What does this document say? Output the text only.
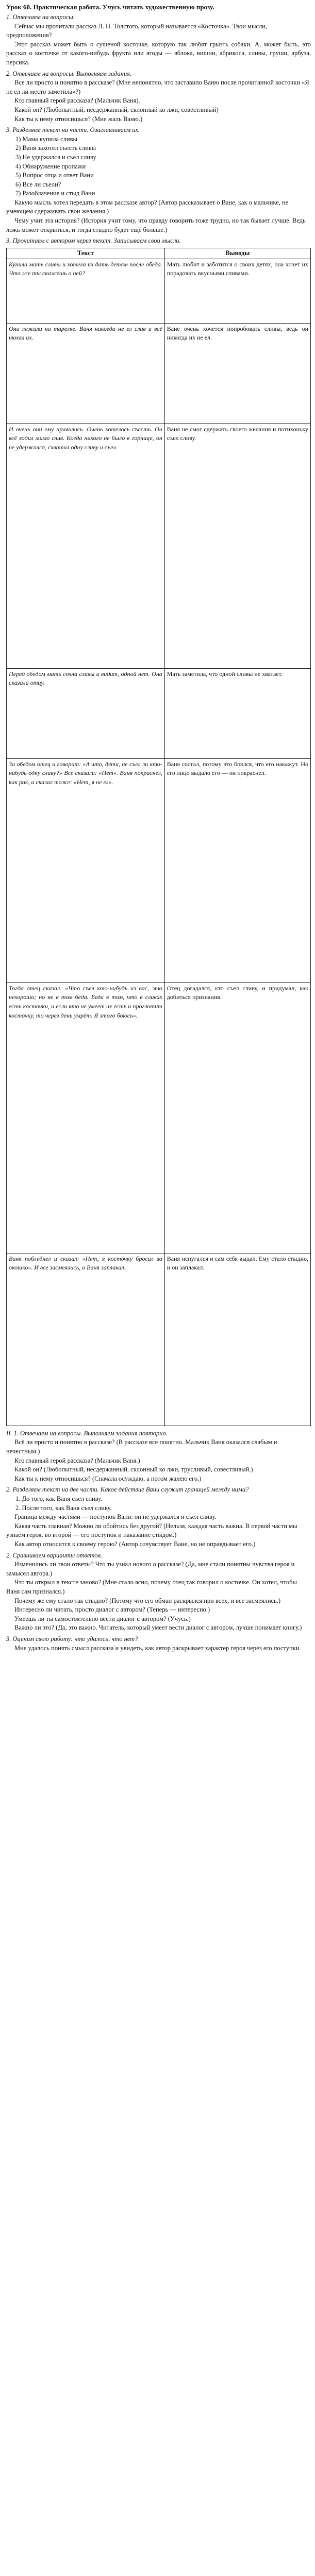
Урок 60. Практическая работа. Учусь читать художественную прозу.

1. Отвечаем на вопросы.

Сейчас мы прочитали рассказ Л. Н. Толстого, который называется «Косточка». Твои мысли, предположения?

Этот рассказ может быть о сушеной косточке, которую так любят грызть собаки. А, может быть, это рассказ о косточке от какого-нибудь фрукта или ягоды — яблока, вишни, абрикоса, сливы, груши, арбуза, персика.

2. Отвечаем на вопросы. Выполняем задания.

Все ли просто и понятно в рассказе? (Мне непонятно, что заставило Ваню после прочитанной косточки «Я не ел ли место заметила»?)

Кто главный герой рассказа? (Мальчик Ваня).

Какой он? (Любопытный, несдержанный, склонный ко лжи, совестливый)

Как ты к нему относишься? (Мне жаль Ваню.)

3. Разделяем текст на части. Озаглавливаем их.

1) Мама купила сливы

2) Ваня захотел съесть сливы

3) Не удержался и съел сливу

4) Обнаружение пропажи

5) Вопрос отца и ответ Вани

6) Все ли съели?

7) Разоблачение и стыд Вани

Какую мысль хотел передать в этом рассказе автор? (Автор рассказывает о Ване, как о мальчике, не умеющем сдерживать свои желания.)

Чему учит эта история? (История учит тому, что правду говорить тоже трудно, но так бывает лучше. Ведь ложь может открыться, и тогда стыдно будет ещё больше.)

3. Прочитаем с автором через текст. Записываем свои мысли.

Текст	Выводы
Купила мать сливы и хотела их дать детям после обеда. Что же ты скажешь о ней?	Мать любит и заботится о своих детях, она хочет их порадовать вкусными сливами.
Они лежали на тарелке. Ваня никогда не ел слив и всё нюхал их.	Ване очень хочется попробовать сливы, ведь он никогда их не ел.
И очень они ему нравились. Очень хотелось съесть. Он всё ходил мимо слив. Когда никого не было в горнице, он не удержался, схватил одну сливу и съел.	Ваня не смог сдержать своего желания и потихоньку съел сливу.
Перед обедом мать сочла сливы и видит, одной нет. Она сказала отцу.	Мать заметила, что одной сливы не хватает.
За обедом отец и говорит: «А что, дети, не съел ли кто-нибудь одну сливу?» Все сказали: «Нет». Ваня покраснел, как рак, и сказал тоже: «Нет, я не ел».	Ваня солгал, потому что боялся, что его накажут. Но его лицо выдало его — он покраснел.
Тогда отец сказал: «Что съел кто-нибудь из вас, это нехорошо; но не в том беда. Беда в том, что в сливах есть косточки, и если кто не умеет их есть и проглотит косточку, то через день умрёт. Я этого боюсь».	Отец догадался, кто съел сливу, и придумал, как добиться признания.
Ваня побледнел и сказал: «Нет, я косточку бросил за окошко». И все засмеялись, а Ваня заплакал.	Ваня испугался и сам себя выдал. Ему стало стыдно, и он заплакал.

II. 1. Отвечаем на вопросы. Выполняем задания повторно.

Всё ли просто и понятно в рассказе? (В рассказе все понятно. Мальчик Ваня оказался слабым и нечестным.)

Кто главный герой рассказа? (Мальчик Ваня.)

Какой он? (Любопытный, несдержанный, склонный ко лжи, трусливый, совестливый.)

Как ты к нему относишься? (Сначала осуждаю, а потом жалею его.)

2. Разделяем текст на две части. Какое действие Вани служит границей между ними?

1. До того, как Ваня съел сливу.

2. После того, как Ваня съел сливу.

Граница между частями — поступок Вани: он не удержался и съел сливу.

Какая часть главная? Можно ли обойтись без другой? (Нельзя, каждая часть важна. В первой части мы узнаём героя, во второй — его поступок и наказание стыдом.)

Как автор относится к своему герою? (Автор сочувствует Ване, но не оправдывает его.)

2. Сравниваем варианты ответов.

Изменились ли твои ответы? Что ты узнал нового о рассказе? (Да, мне стали понятны чувства героя и замысел автора.)

Что ты открыл в тексте заново? (Мне стало ясно, почему отец так говорил о косточке. Он хотел, чтобы Ваня сам признался.)

Почему же ему стало так стыдно? (Потому что его обман раскрылся при всех, и все засмеялись.)

Интересно ли читать, просто диалог с автором? (Теперь — интересно.)

Умеешь ли ты самостоятельно вести диалог с автором? (Учусь.)

Важно ли это? (Да, это важно. Читатель, который умеет вести диалог с автором, лучше понимает книгу.)

3. Оценим свою работу: что удалось, что нет?

Мне удалось понять смысл рассказа и увидеть, как автор раскрывает характер героя через его поступки.
